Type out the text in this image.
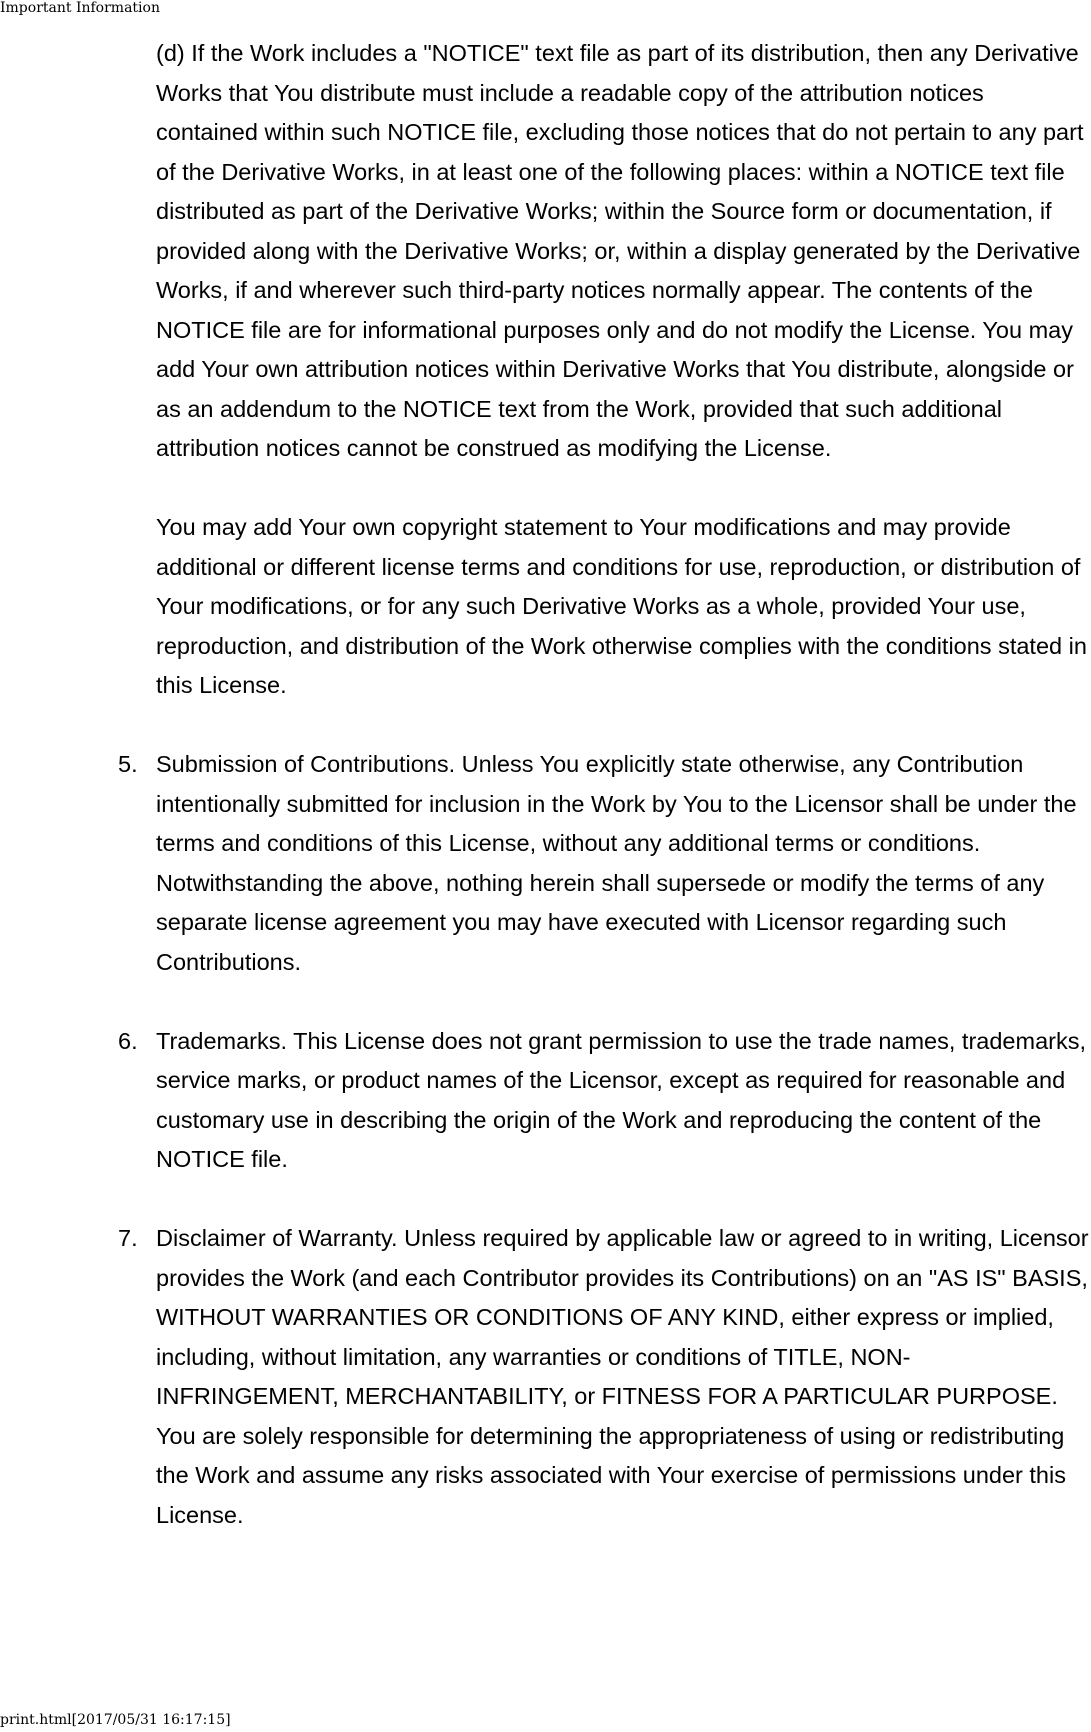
Important Information

(d) If the Work includes a "NOTICE" text file as part of its distribution, then any Derivative Works that You distribute must include a readable copy of the attribution notices contained within such NOTICE file, excluding those notices that do not pertain to any part of the Derivative Works, in at least one of the following places: within a NOTICE text file distributed as part of the Derivative Works; within the Source form or documentation, if provided along with the Derivative Works; or, within a display generated by the Derivative Works, if and wherever such third-party notices normally appear. The contents of the NOTICE file are for informational purposes only and do not modify the License. You may add Your own attribution notices within Derivative Works that You distribute, alongside or as an addendum to the NOTICE text from the Work, provided that such additional attribution notices cannot be construed as modifying the License.

You may add Your own copyright statement to Your modifications and may provide additional or different license terms and conditions for use, reproduction, or distribution of Your modifications, or for any such Derivative Works as a whole, provided Your use, reproduction, and distribution of the Work otherwise complies with the conditions stated in this License.

5. Submission of Contributions. Unless You explicitly state otherwise, any Contribution intentionally submitted for inclusion in the Work by You to the Licensor shall be under the terms and conditions of this License, without any additional terms or conditions. Notwithstanding the above, nothing herein shall supersede or modify the terms of any separate license agreement you may have executed with Licensor regarding such Contributions.
6. Trademarks. This License does not grant permission to use the trade names, trademarks, service marks, or product names of the Licensor, except as required for reasonable and customary use in describing the origin of the Work and reproducing the content of the NOTICE file.
7. Disclaimer of Warranty. Unless required by applicable law or agreed to in writing, Licensor provides the Work (and each Contributor provides its Contributions) on an "AS IS" BASIS, WITHOUT WARRANTIES OR CONDITIONS OF ANY KIND, either express or implied, including, without limitation, any warranties or conditions of TITLE, NON-INFRINGEMENT, MERCHANTABILITY, or FITNESS FOR A PARTICULAR PURPOSE. You are solely responsible for determining the appropriateness of using or redistributing the Work and assume any risks associated with Your exercise of permissions under this License.
print.html[2017/05/31 16:17:15]
